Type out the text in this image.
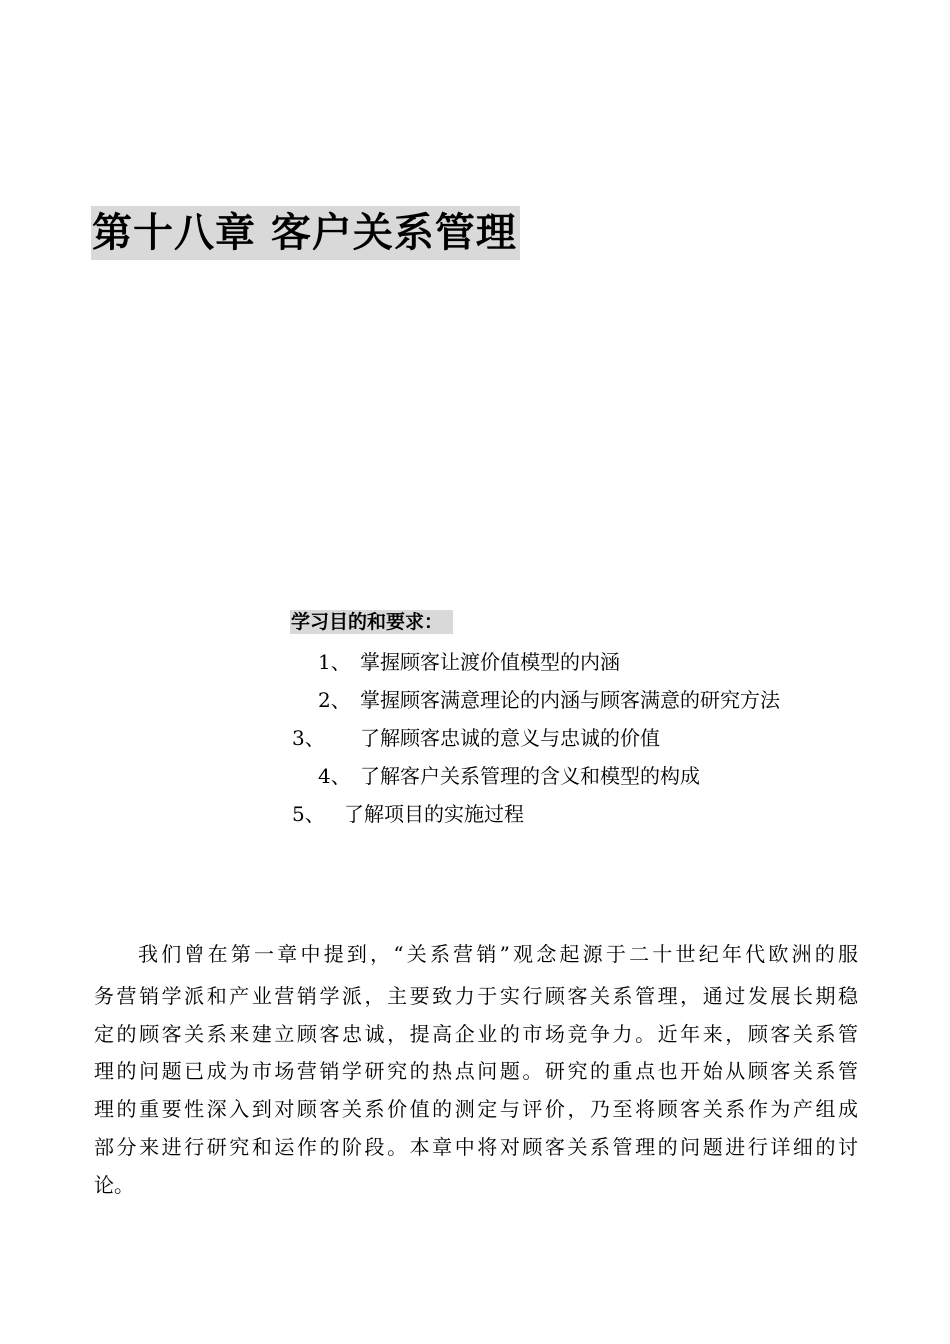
第十八章 客户关系管理
学习目的和要求：
1、 掌握顾客让渡价值模型的内涵
2、 掌握顾客满意理论的内涵与顾客满意的研究方法
3、 了解顾客忠诚的意义与忠诚的价值
4、 了解客户关系管理的含义和模型的构成
5、 了解项目的实施过程
我们曾在第一章中提到，“关系营销”观念起源于二十世纪年代欧洲的服
务营销学派和产业营销学派，主要致力于实行顾客关系管理，通过发展长期稳
定的顾客关系来建立顾客忠诚，提高企业的市场竞争力。近年来，顾客关系管
理的问题已成为市场营销学研究的热点问题。研究的重点也开始从顾客关系管
理的重要性深入到对顾客关系价值的测定与评价，乃至将顾客关系作为产组成
部分来进行研究和运作的阶段。本章中将对顾客关系管理的问题进行详细的讨
论。
